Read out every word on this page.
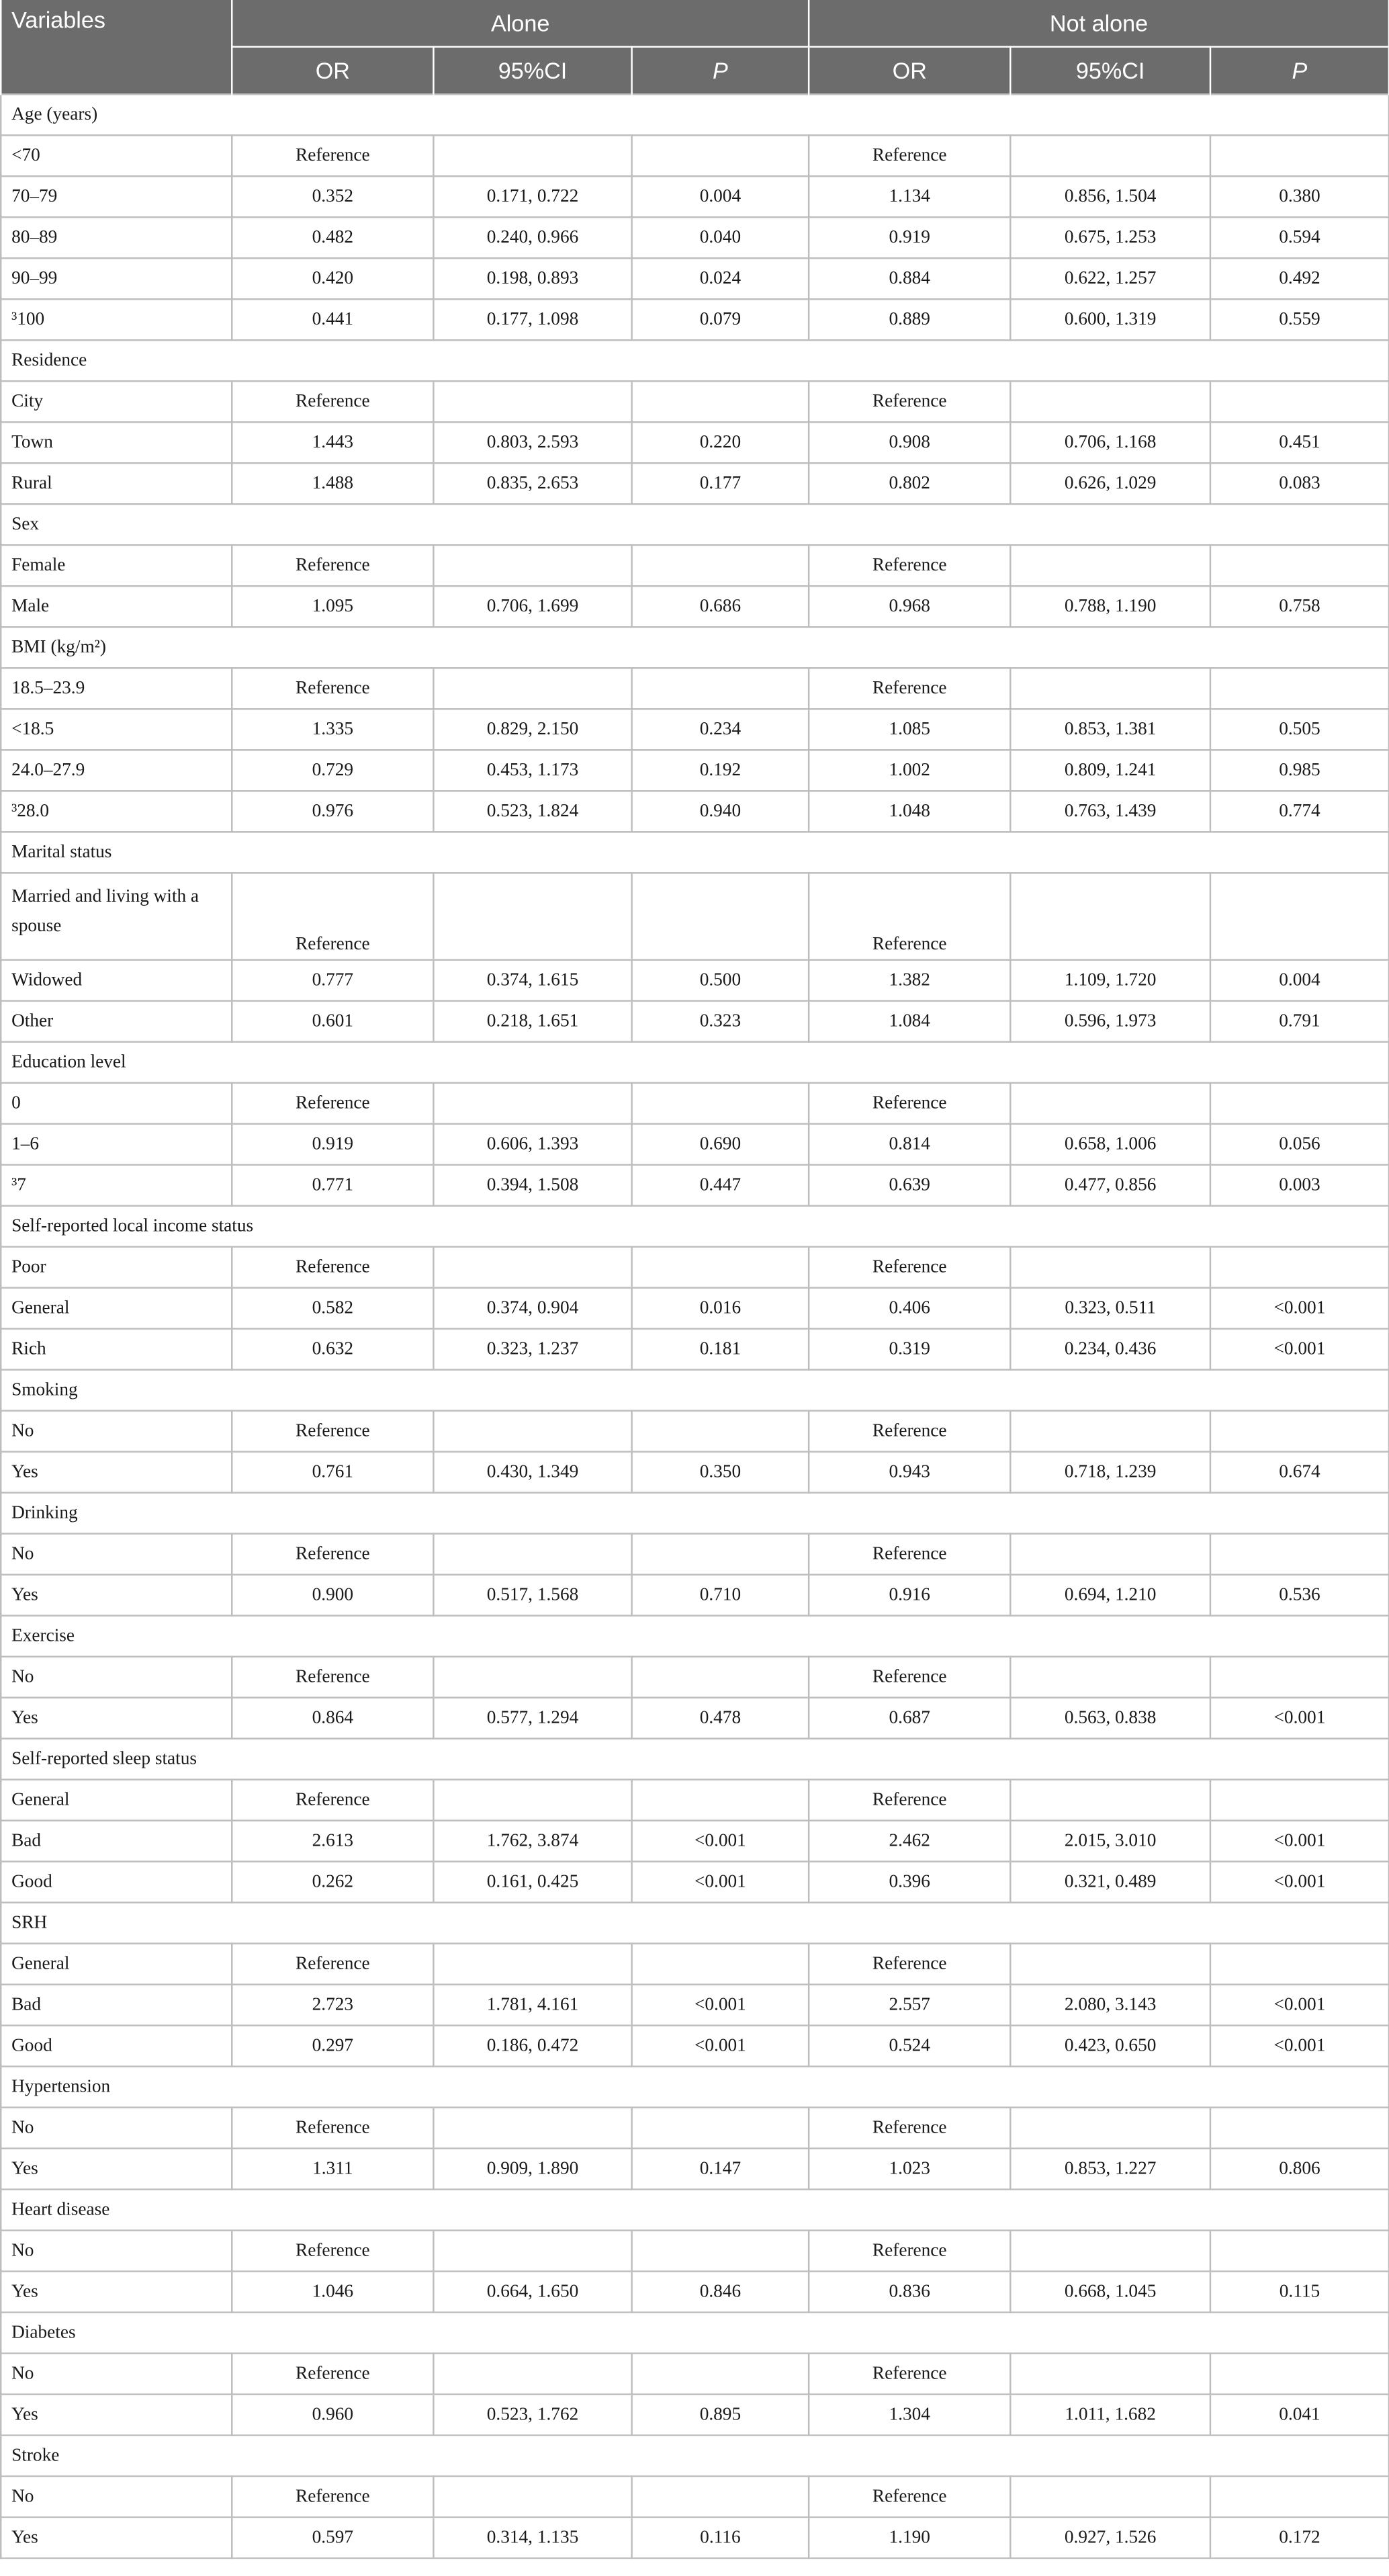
Variables	Alone			Not alone		
	OR	95%CI	P	OR	95%CI	P
Age (years)						
<70	Reference			Reference		
70–79	0.352	0.171, 0.722	0.004	1.134	0.856, 1.504	0.380
80–89	0.482	0.240, 0.966	0.040	0.919	0.675, 1.253	0.594
90–99	0.420	0.198, 0.893	0.024	0.884	0.622, 1.257	0.492
³100	0.441	0.177, 1.098	0.079	0.889	0.600, 1.319	0.559
Residence						
City	Reference			Reference		
Town	1.443	0.803, 2.593	0.220	0.908	0.706, 1.168	0.451
Rural	1.488	0.835, 2.653	0.177	0.802	0.626, 1.029	0.083
Sex						
Female	Reference			Reference		
Male	1.095	0.706, 1.699	0.686	0.968	0.788, 1.190	0.758
BMI (kg/m²)						
18.5–23.9	Reference			Reference		
<18.5	1.335	0.829, 2.150	0.234	1.085	0.853, 1.381	0.505
24.0–27.9	0.729	0.453, 1.173	0.192	1.002	0.809, 1.241	0.985
³28.0	0.976	0.523, 1.824	0.940	1.048	0.763, 1.439	0.774
Marital status						
Married and living with a spouse	Reference			Reference		
Widowed	0.777	0.374, 1.615	0.500	1.382	1.109, 1.720	0.004
Other	0.601	0.218, 1.651	0.323	1.084	0.596, 1.973	0.791
Education level						
0	Reference			Reference		
1–6	0.919	0.606, 1.393	0.690	0.814	0.658, 1.006	0.056
³7	0.771	0.394, 1.508	0.447	0.639	0.477, 0.856	0.003
Self-reported local income status						
Poor	Reference			Reference		
General	0.582	0.374, 0.904	0.016	0.406	0.323, 0.511	<0.001
Rich	0.632	0.323, 1.237	0.181	0.319	0.234, 0.436	<0.001
Smoking						
No	Reference			Reference		
Yes	0.761	0.430, 1.349	0.350	0.943	0.718, 1.239	0.674
Drinking						
No	Reference			Reference		
Yes	0.900	0.517, 1.568	0.710	0.916	0.694, 1.210	0.536
Exercise						
No	Reference			Reference		
Yes	0.864	0.577, 1.294	0.478	0.687	0.563, 0.838	<0.001
Self-reported sleep status						
General	Reference			Reference		
Bad	2.613	1.762, 3.874	<0.001	2.462	2.015, 3.010	<0.001
Good	0.262	0.161, 0.425	<0.001	0.396	0.321, 0.489	<0.001
SRH						
General	Reference			Reference		
Bad	2.723	1.781, 4.161	<0.001	2.557	2.080, 3.143	<0.001
Good	0.297	0.186, 0.472	<0.001	0.524	0.423, 0.650	<0.001
Hypertension						
No	Reference			Reference		
Yes	1.311	0.909, 1.890	0.147	1.023	0.853, 1.227	0.806
Heart disease						
No	Reference			Reference		
Yes	1.046	0.664, 1.650	0.846	0.836	0.668, 1.045	0.115
Diabetes						
No	Reference			Reference		
Yes	0.960	0.523, 1.762	0.895	1.304	1.011, 1.682	0.041
Stroke						
No	Reference			Reference		
Yes	0.597	0.314, 1.135	0.116	1.190	0.927, 1.526	0.172
